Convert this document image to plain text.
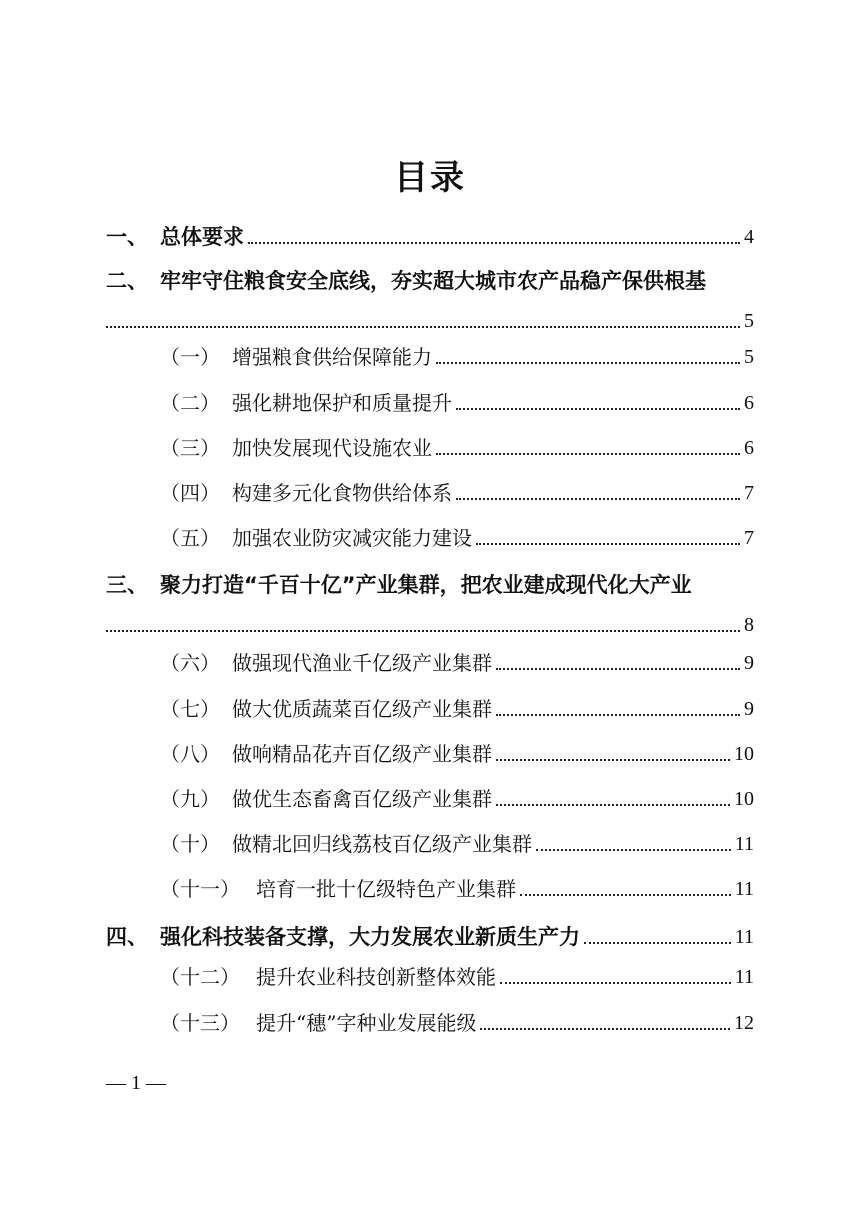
目录
一、 总体要求	4
二、 牢牢守住粮食安全底线，夯实超大城市农产品稳产保供根基
5
（一） 增强粮食供给保障能力	5
（二） 强化耕地保护和质量提升	6
（三） 加快发展现代设施农业	6
（四） 构建多元化食物供给体系	7
（五） 加强农业防灾减灾能力建设	7
三、 聚力打造“千百十亿”产业集群，把农业建成现代化大产业
8
（六） 做强现代渔业千亿级产业集群	9
（七） 做大优质蔬菜百亿级产业集群	9
（八） 做响精品花卉百亿级产业集群	10
（九） 做优生态畜禽百亿级产业集群	10
（十） 做精北回归线荔枝百亿级产业集群	11
（十一） 培育一批十亿级特色产业集群	11
四、 强化科技装备支撑，大力发展农业新质生产力	11
（十二） 提升农业科技创新整体效能	11
（十三） 提升“穗”字种业发展能级	12
— 1 —
